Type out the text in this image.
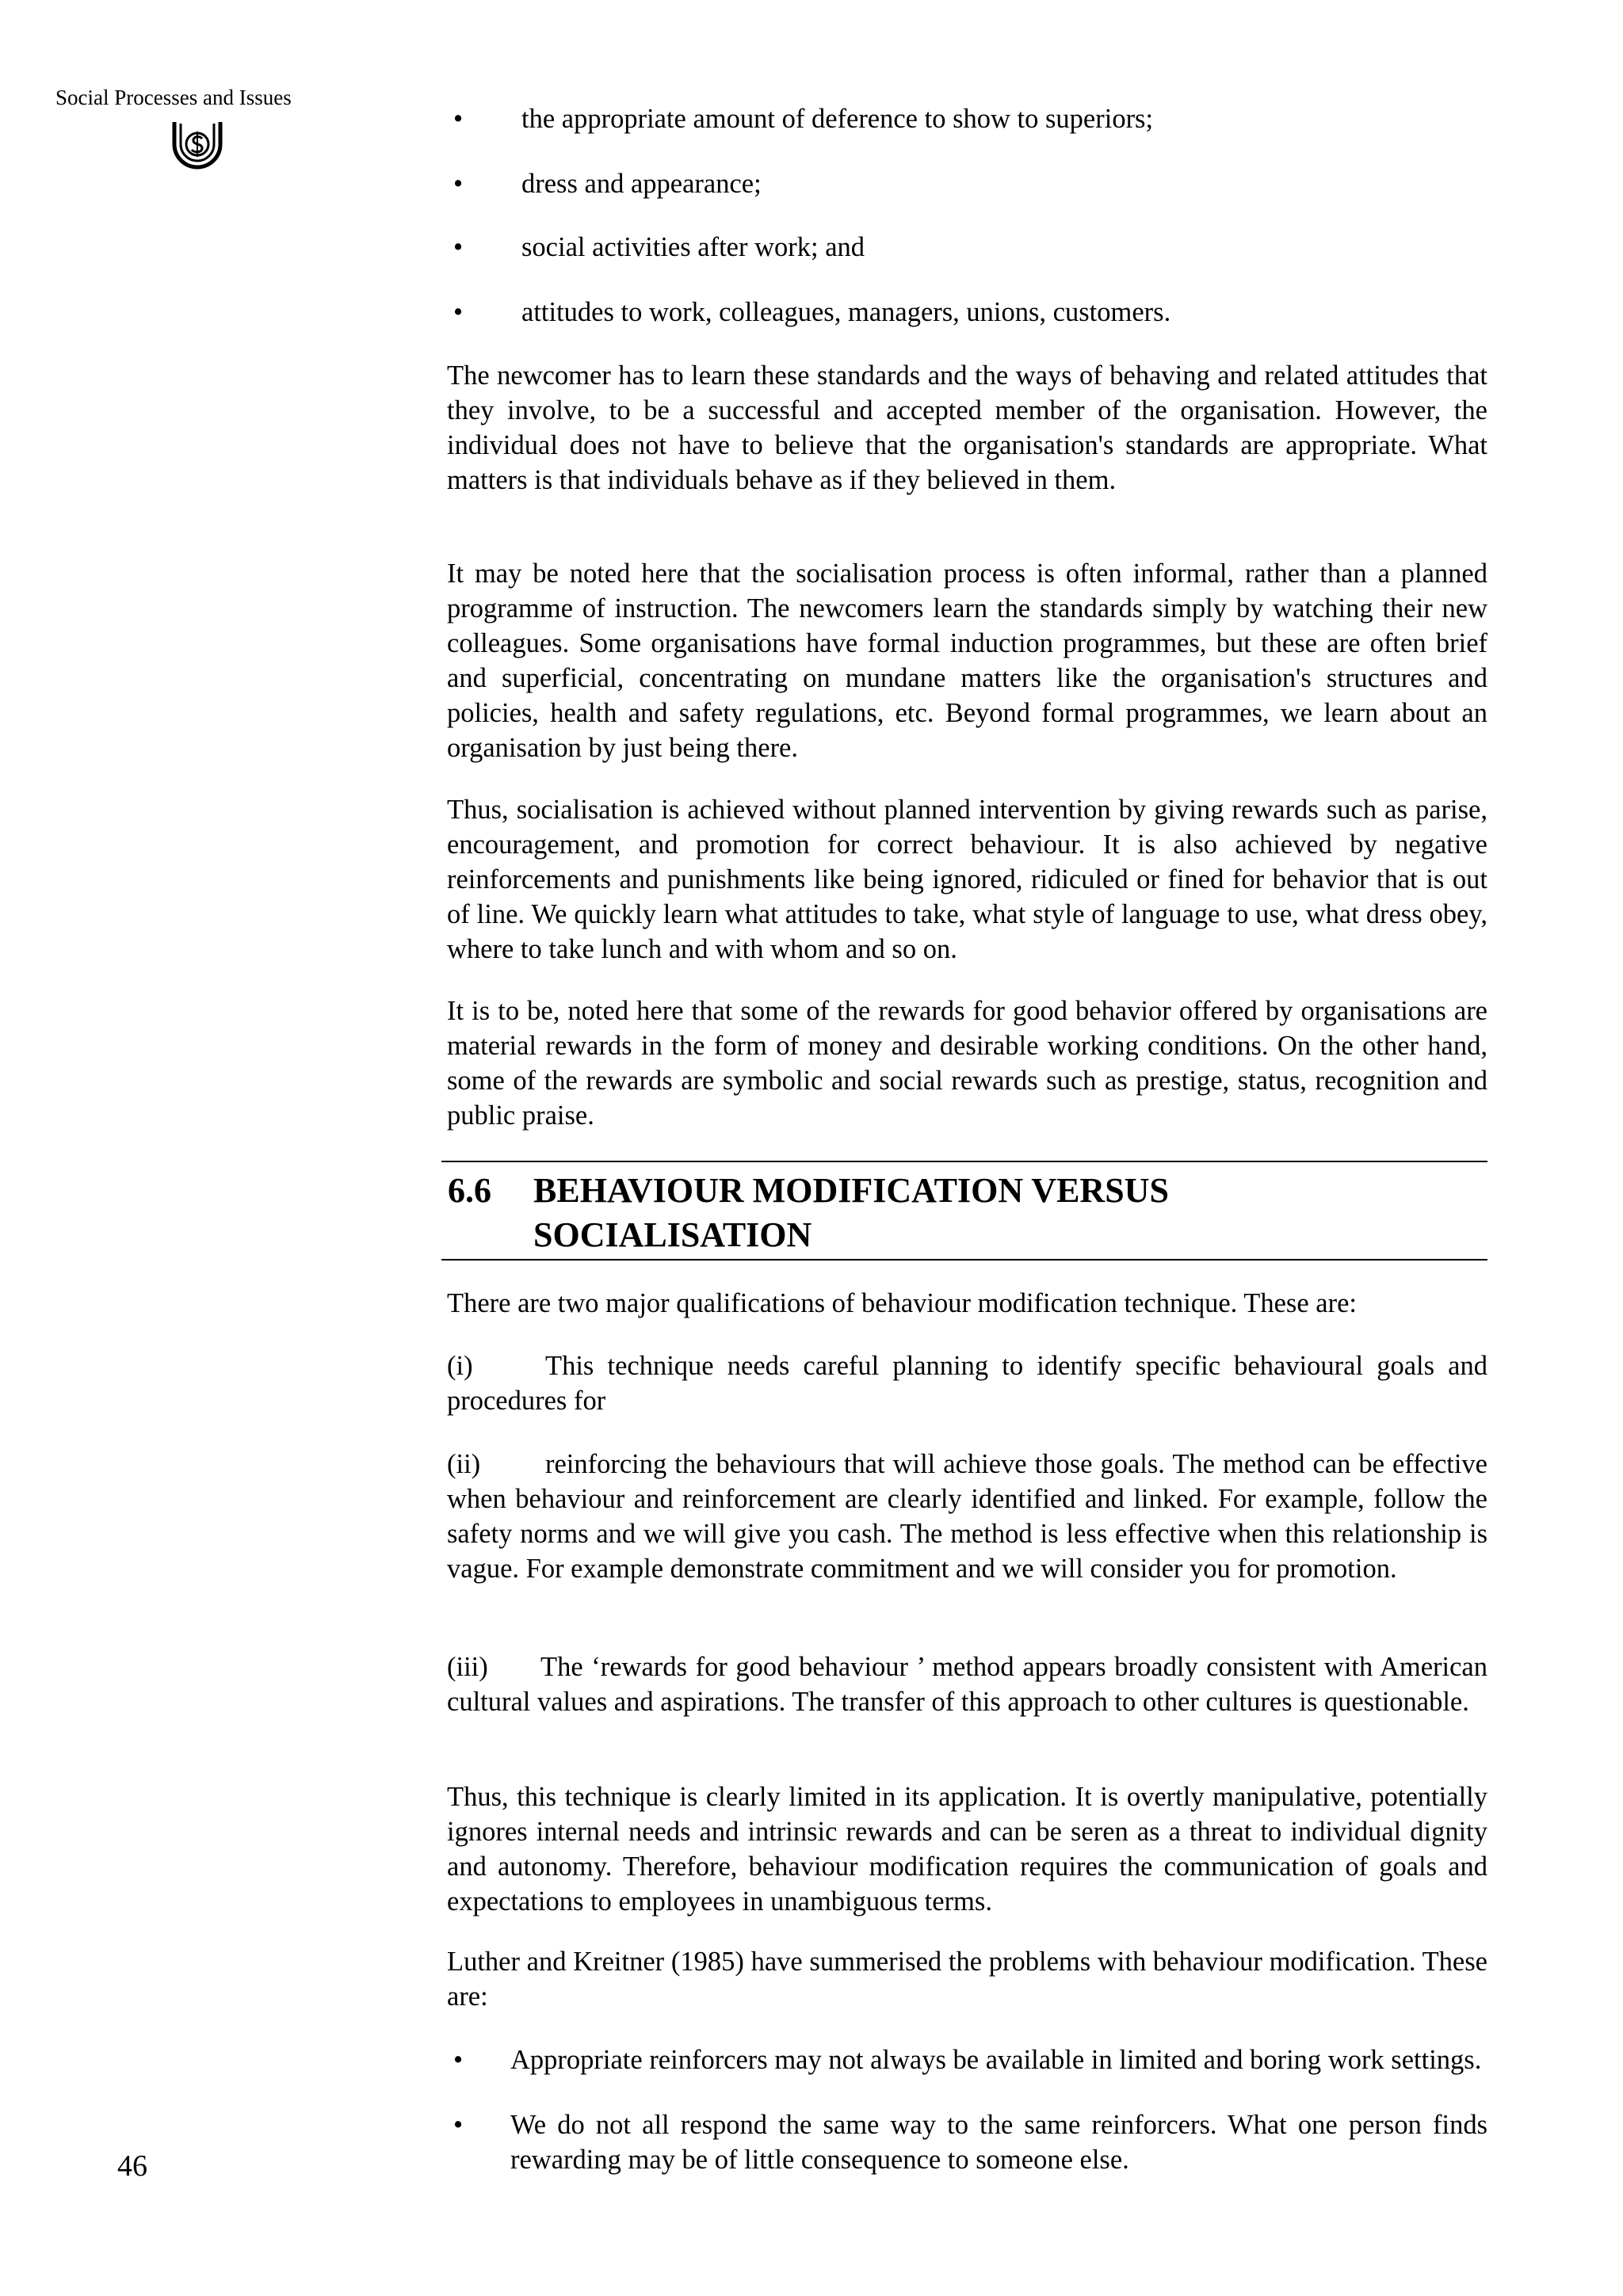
Social Processes and Issues
46
• the appropriate amount of deference to show to superiors;
• dress and appearance;
• social activities after work; and
• attitudes to work, colleagues, managers, unions, customers.

The newcomer has to learn these standards and the ways of behaving and related attitudes that they involve, to be a successful and accepted member of the organisation. However, the individual does not have to believe that the organisation's standards are appropriate. What matters is that individuals behave as if they believed in them.

It may be noted here that the socialisation process is often informal, rather than a planned programme of instruction. The newcomers learn the standards simply by watching their new colleagues. Some organisations have formal induction programmes, but these are often brief and superficial, concentrating on mundane matters like the organisation's structures and policies, health and safety regulations, etc. Beyond formal programmes, we learn about an organisation by just being there.

Thus, socialisation is achieved without planned intervention by giving rewards such as parise, encouragement, and promotion for correct behaviour. It is also achieved by negative reinforcements and punishments like being ignored, ridiculed or fined for behavior that is out of line. We quickly learn what attitudes to take, what style of language to use, what dress obey, where to take lunch and with whom and so on.

It is to be, noted here that some of the rewards for good behavior offered by organisations are material rewards in the form of money and desirable working conditions. On the other hand, some of the rewards are symbolic and social rewards such as prestige, status, recognition and public praise.

6.6 BEHAVIOUR MODIFICATION VERSUS
SOCIALISATION

There are two major qualifications of behaviour modification technique. These are:

(i)	This technique needs careful planning to identify specific behavioural goals and procedures for

(ii) reinforcing the behaviours that will achieve those goals. The method can be effective when behaviour and reinforcement are clearly identified and linked. For example, follow the safety norms and we will give you cash. The method is less effective when this relationship is vague. For example demonstrate commitment and we will consider you for promotion.

(iii) The ‘rewards for good behaviour ’ method appears broadly consistent with American cultural values and aspirations. The transfer of this approach to other cultures is questionable.

Thus, this technique is clearly limited in its application. It is overtly manipulative, potentially ignores internal needs and intrinsic rewards and can be seren as a threat to individual dignity and autonomy. Therefore, behaviour modification requires the communication of goals and expectations to employees in unambiguous terms.

Luther and Kreitner (1985) have summerised the problems with behaviour modification. These are:

• Appropriate reinforcers may not always be available in limited and boring work settings.
• We do not all respond the same way to the same reinforcers. What one person finds rewarding may be of little consequence to someone else.
